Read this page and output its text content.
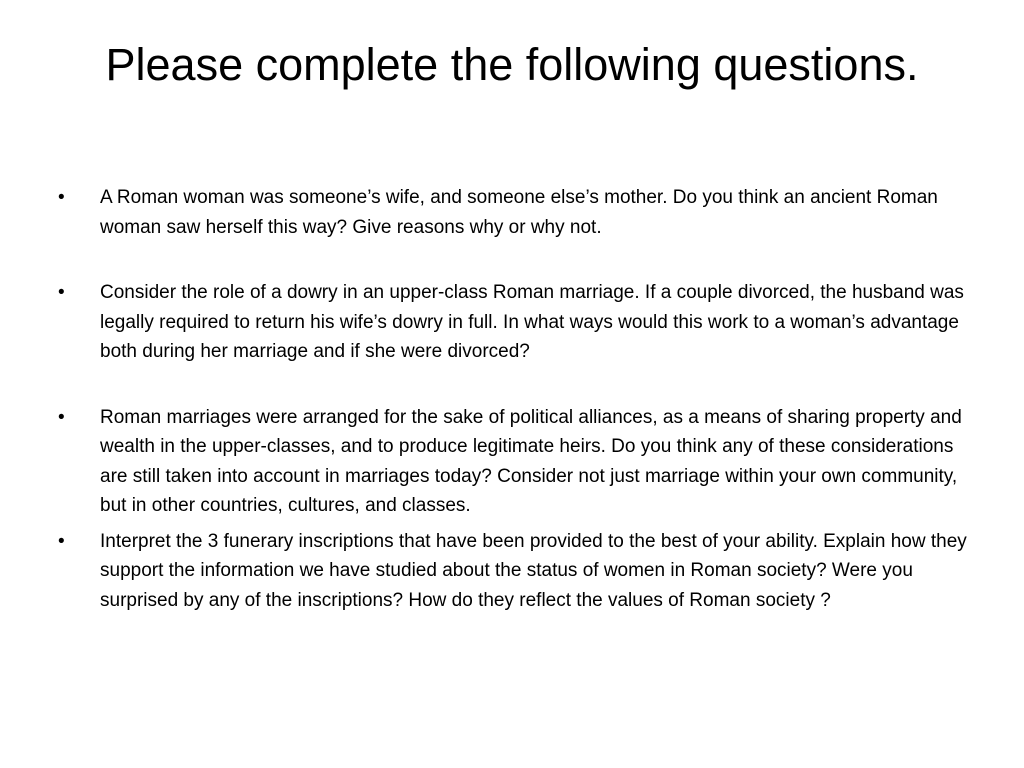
Please complete the following questions.
•	A Roman woman was someone’s wife, and someone else’s mother. Do you think an ancient Roman woman saw herself this way? Give reasons why or why not.
•	Consider the role of a dowry in an upper-class Roman marriage. If a couple divorced, the husband was legally required to return his wife’s dowry in full. In what ways would this work to a woman’s advantage both during her marriage and if she were divorced?
•	Roman marriages were arranged for the sake of political alliances, as a means of sharing property and wealth in the upper-classes, and to produce legitimate heirs. Do you think any of these considerations are still taken into account in marriages today? Consider not just marriage within your own community, but in other countries, cultures, and classes.
•	Interpret the 3 funerary inscriptions that have been provided to the best of your ability. Explain how they support the information we have studied about the status of women in Roman society? Were you surprised by any of the inscriptions? How do they reflect the values of Roman society ?
